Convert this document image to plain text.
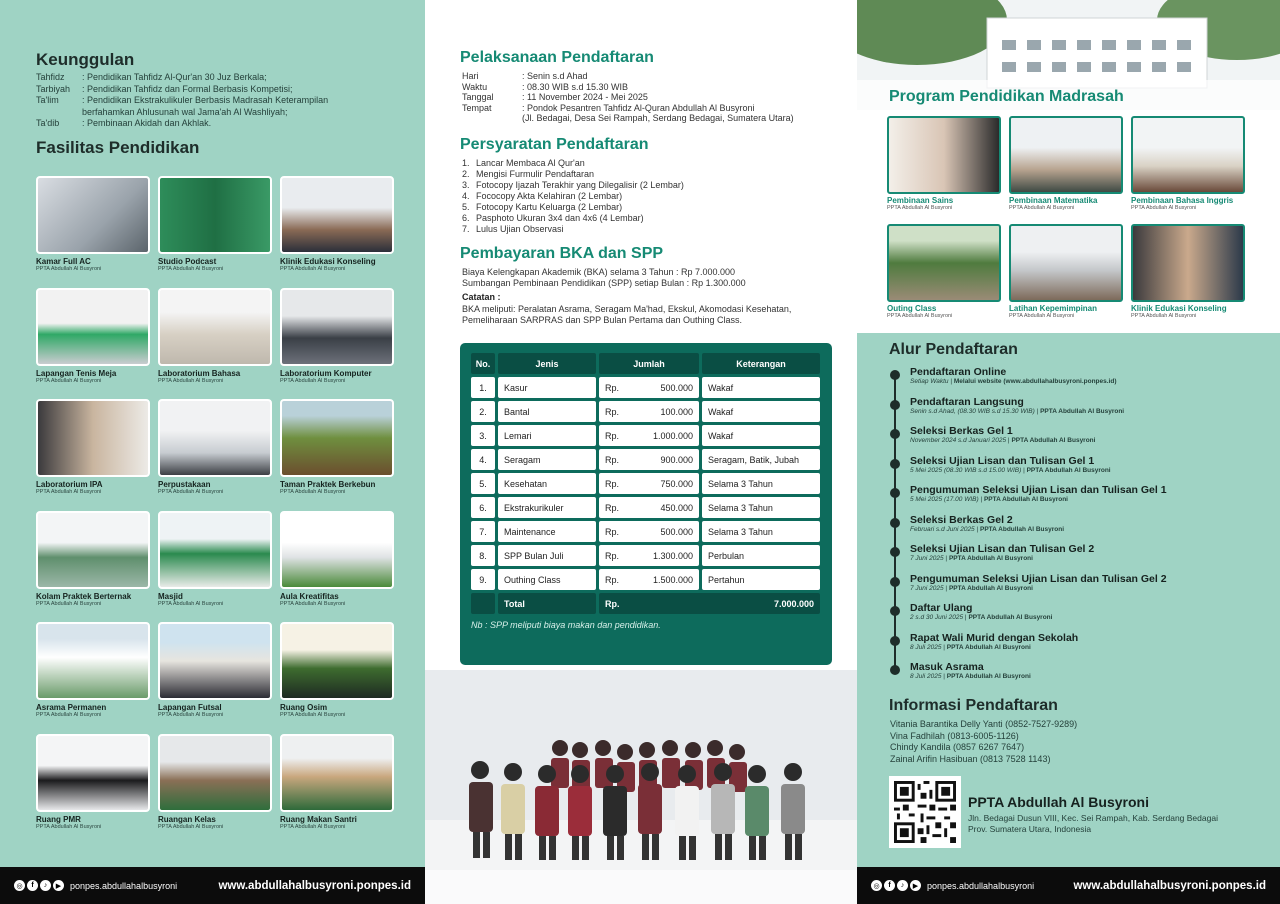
Keunggulan
Tahfidz	: Pendidikan Tahfidz Al-Qur'an 30 Juz Berkala;
Tarbiyah	: Pendidikan Tahfidz dan Formal Berbasis Kompetisi;
Ta'lim	: Pendidikan Ekstrakulikuler Berbasis Madrasah Keterampilan
berfahamkan Ahlusunah wal Jama'ah Al Washliyah;
Ta'dib	: Pembinaan Akidah dan Akhlak.
Fasilitas Pendidikan
Kamar Full AC
PPTA Abdullah Al Busyroni
Studio Podcast
PPTA Abdullah Al Busyroni
Klinik Edukasi Konseling
PPTA Abdullah Al Busyroni
Lapangan Tenis Meja
PPTA Abdullah Al Busyroni
Laboratorium Bahasa
PPTA Abdullah Al Busyroni
Laboratorium Komputer
PPTA Abdullah Al Busyroni
Laboratorium IPA
PPTA Abdullah Al Busyroni
Perpustakaan
PPTA Abdullah Al Busyroni
Taman Praktek Berkebun
PPTA Abdullah Al Busyroni
Kolam Praktek Berternak
PPTA Abdullah Al Busyroni
Masjid
PPTA Abdullah Al Busyroni
Aula Kreatifitas
PPTA Abdullah Al Busyroni
Asrama Permanen
PPTA Abdullah Al Busyroni
Lapangan Futsal
PPTA Abdullah Al Busyroni
Ruang Osim
PPTA Abdullah Al Busyroni
Ruang PMR
PPTA Abdullah Al Busyroni
Ruangan Kelas
PPTA Abdullah Al Busyroni
Ruang Makan Santri
PPTA Abdullah Al Busyroni
◎	f	♪	▶ ponpes.abdullahalbusyroni	www.abdullahalbusyroni.ponpes.id
Pelaksanaan Pendaftaran
Hari	: Senin s.d Ahad
Waktu	: 08.30 WIB s.d 15.30 WIB
Tanggal	: 11 November 2024 - Mei 2025
Tempat	: Pondok Pesantren Tahfidz Al-Quran Abdullah Al Busyroni
(Jl. Bedagai, Desa Sei Rampah, Serdang Bedagai, Sumatera Utara)
Persyaratan Pendaftaran
1. Lancar Membaca Al Qur'an
2. Mengisi Furmulir Pendaftaran
3. Fotocopy Ijazah Terakhir yang Dilegalisir (2 Lembar)
4. Fococopy Akta Kelahiran (2 Lembar)
5. Fotocopy Kartu Keluarga (2 Lembar)
6. Pasphoto Ukuran 3x4 dan 4x6 (4 Lembar)
7. Lulus Ujian Observasi
Pembayaran BKA dan SPP
Biaya Kelengkapan Akademik (BKA) selama 3 Tahun : Rp 7.000.000
Sumbangan Pembinaan Pendidikan (SPP) setiap Bulan : Rp 1.300.000
Catatan :
BKA meliputi: Peralatan Asrama, Seragam Ma'had, Ekskul, Akomodasi Kesehatan, Pemeliharaan SARPRAS dan SPP Bulan Pertama dan Outhing Class.
No.	Jenis	Jumlah	Keterangan
1.	Kasur	Rp.	500.000	Wakaf
2.	Bantal	Rp.	100.000	Wakaf
3.	Lemari	Rp.	1.000.000	Wakaf
4.	Seragam	Rp.	900.000	Seragam, Batik, Jubah
5.	Kesehatan	Rp.	750.000	Selama 3 Tahun
6.	Ekstrakurikuler	Rp.	450.000	Selama 3 Tahun
7.	Maintenance	Rp.	500.000	Selama 3 Tahun
8.	SPP Bulan Juli	Rp.	1.300.000	Perbulan
9.	Outhing Class	Rp.	1.500.000	Pertahun
Total	Rp.	7.000.000
Nb : SPP meliputi biaya makan dan pendidikan.
Program Pendidikan Madrasah
Pembinaan Sains
PPTA Abdullah Al Busyroni
Pembinaan Matematika
PPTA Abdullah Al Busyroni
Pembinaan Bahasa Inggris
PPTA Abdullah Al Busyroni
Outing Class
PPTA Abdullah Al Busyroni
Latihan Kepemimpinan
PPTA Abdullah Al Busyroni
Klinik Edukasi Konseling
PPTA Abdullah Al Busyroni
Alur Pendaftaran
Pendaftaran Online
Setiap Waktu | Melalui website (www.abdullahalbusyroni.ponpes.id)
Pendaftaran Langsung
Senin s.d Ahad, (08.30 WIB s.d 15.30 WIB) | PPTA Abdullah Al Busyroni
Seleksi Berkas Gel 1
November 2024 s.d Januari 2025 | PPTA Abdullah Al Busyroni
Seleksi Ujian Lisan dan Tulisan Gel 1
5 Mei 2025 (08.30 WIB s.d 15.00 WIB) | PPTA Abdullah Al Busyroni
Pengumuman Seleksi Ujian Lisan dan Tulisan Gel 1
5 Mei 2025 (17.00 WIB) | PPTA Abdullah Al Busyroni
Seleksi Berkas Gel 2
Februari s.d Juni 2025 | PPTA Abdullah Al Busyroni
Seleksi Ujian Lisan dan Tulisan Gel 2
7 Juni 2025 | PPTA Abdullah Al Busyroni
Pengumuman Seleksi Ujian Lisan dan Tulisan Gel 2
7 Juni 2025 | PPTA Abdullah Al Busyroni
Daftar Ulang
2 s.d 30 Juni 2025 | PPTA Abdullah Al Busyroni
Rapat Wali Murid dengan Sekolah
8 Juli 2025 | PPTA Abdullah Al Busyroni
Masuk Asrama
8 Juli 2025 | PPTA Abdullah Al Busyroni
Informasi Pendaftaran
Vitania Barantika Delly Yanti (0852-7527-9289)
Vina Fadhilah (0813-6005-1126)
Chindy Kandila (0857 6267 7647)
Zainal Arifin Hasibuan (0813 7528 1143)
PPTA Abdullah Al Busyroni
Jln. Bedagai Dusun VIII, Kec. Sei Rampah, Kab. Serdang Bedagai
Prov. Sumatera Utara, Indonesia
◎	f	♪	▶ ponpes.abdullahalbusyroni	www.abdullahalbusyroni.ponpes.id
